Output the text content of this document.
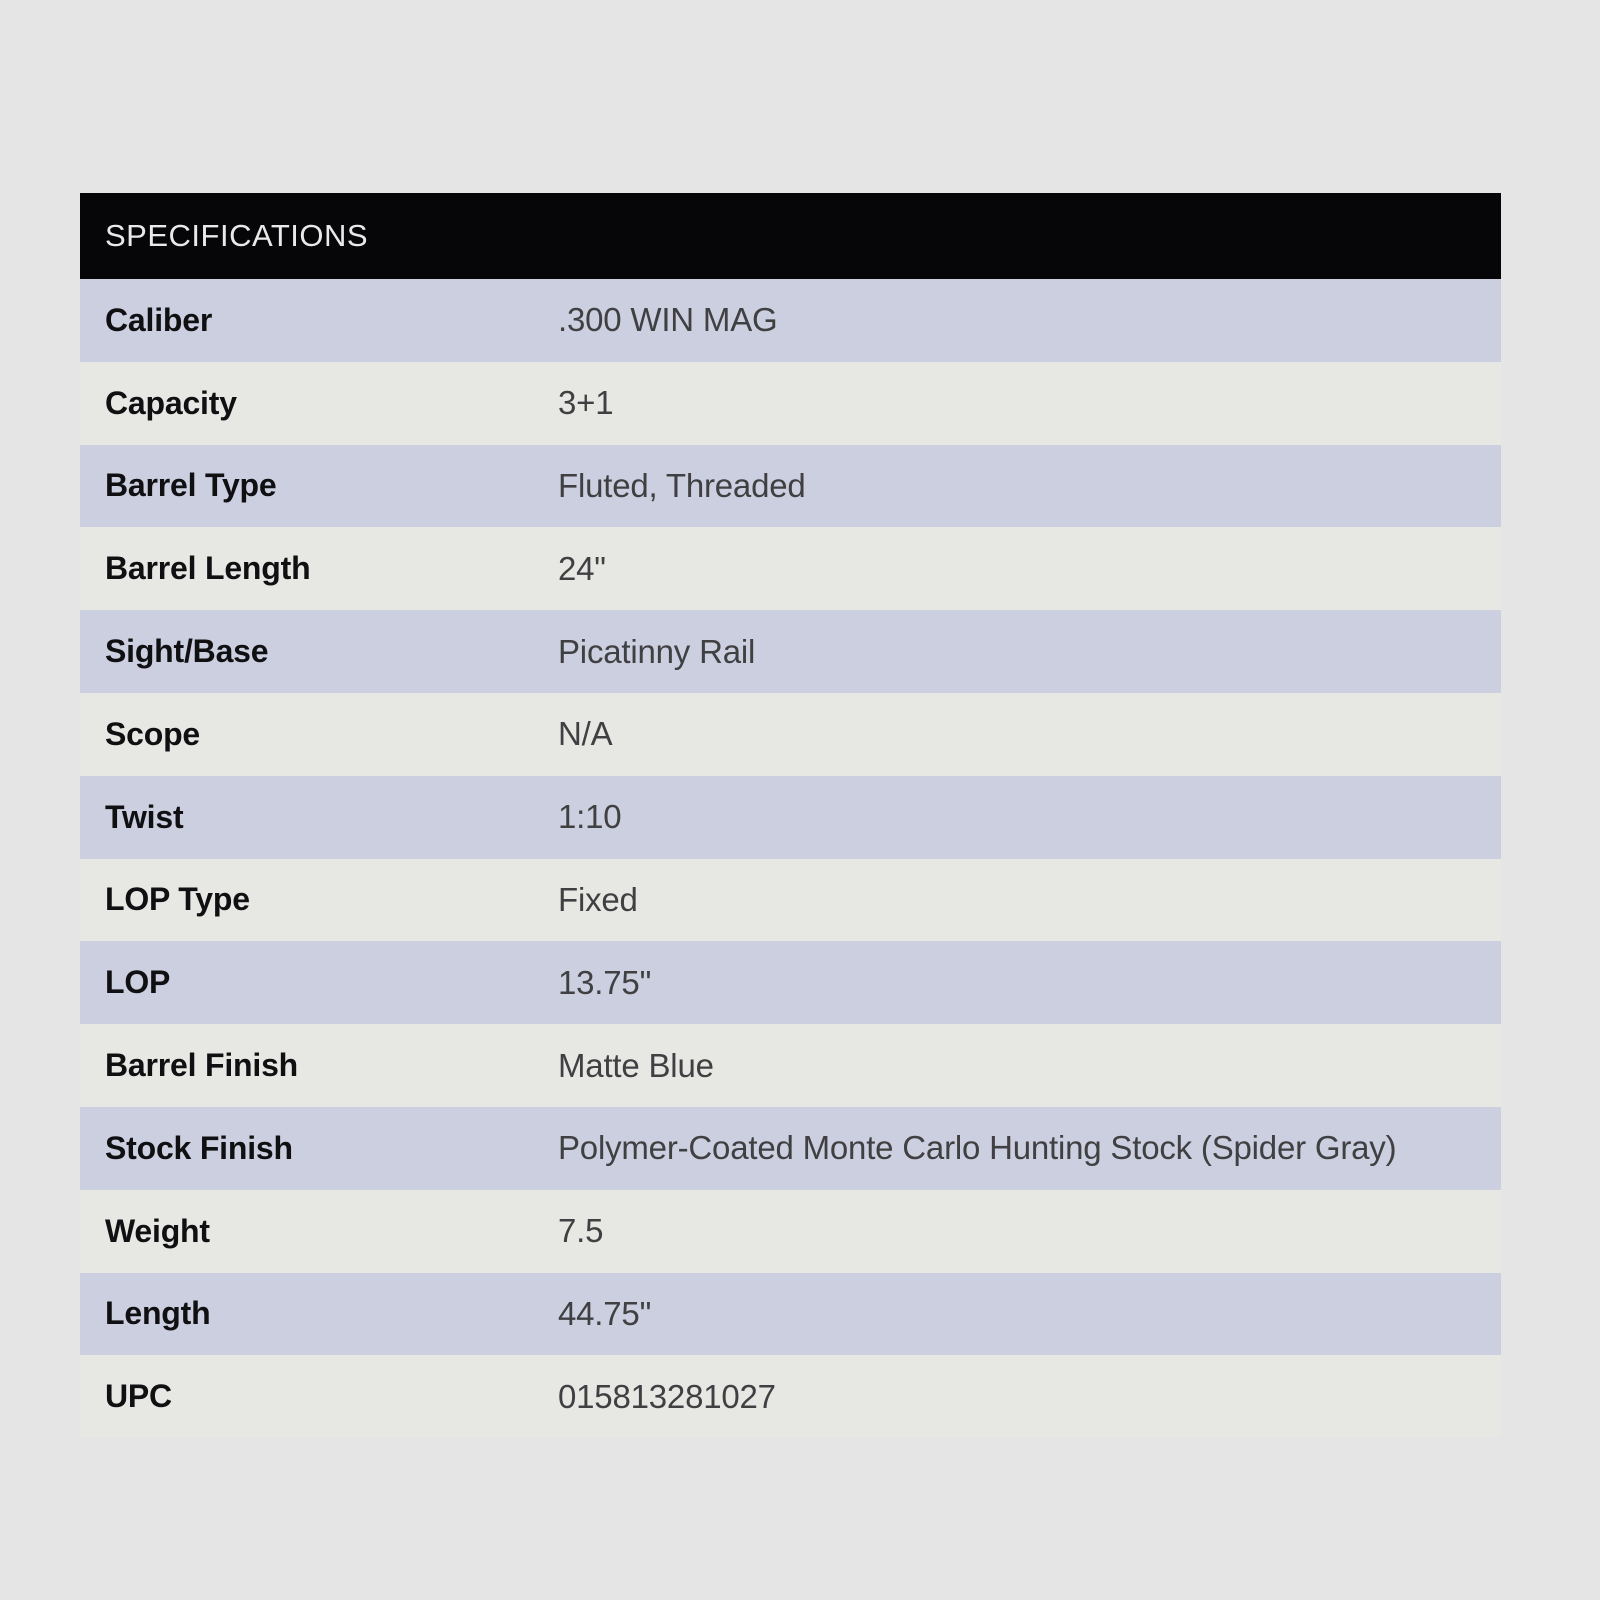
SPECIFICATIONS
Caliber	.300 WIN MAG
Capacity	3+1
Barrel Type	Fluted, Threaded
Barrel Length	24"
Sight/Base	Picatinny Rail
Scope	N/A
Twist	1:10
LOP Type	Fixed
LOP	13.75"
Barrel Finish	Matte Blue
Stock Finish	Polymer-Coated Monte Carlo Hunting Stock (Spider Gray)
Weight	7.5
Length	44.75"
UPC	015813281027
